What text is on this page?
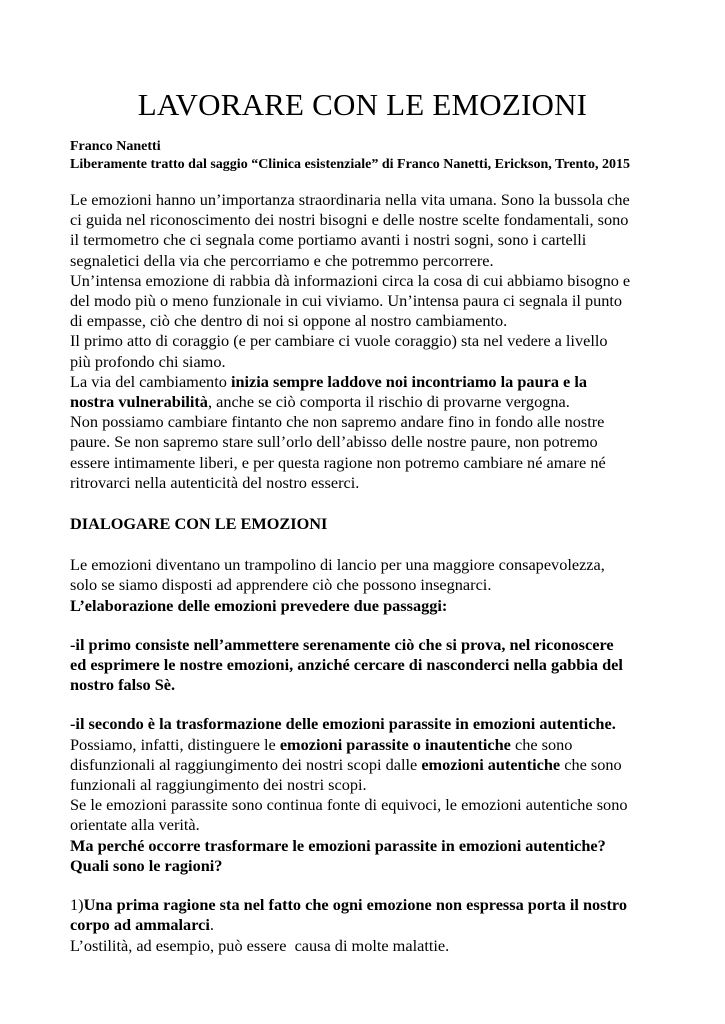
LAVORARE CON LE EMOZIONI
Franco Nanetti
Liberamente tratto dal saggio “Clinica esistenziale” di Franco Nanetti, Erickson, Trento, 2015

Le emozioni hanno un’importanza straordinaria nella vita umana. Sono la bussola che
ci guida nel riconoscimento dei nostri bisogni e delle nostre scelte fondamentali, sono
il termometro che ci segnala come portiamo avanti i nostri sogni, sono i cartelli
segnaletici della via che percorriamo e che potremmo percorrere.

Un’intensa emozione di rabbia dà informazioni circa la cosa di cui abbiamo bisogno e
del modo più o meno funzionale in cui viviamo. Un’intensa paura ci segnala il punto
di empasse, ciò che dentro di noi si oppone al nostro cambiamento.

Il primo atto di coraggio (e per cambiare ci vuole coraggio) sta nel vedere a livello
più profondo chi siamo.

La via del cambiamento inizia sempre laddove noi incontriamo la paura e la
nostra vulnerabilità, anche se ciò comporta il rischio di provarne vergogna.

Non possiamo cambiare fintanto che non sapremo andare fino in fondo alle nostre
paure. Se non sapremo stare sull’orlo dell’abisso delle nostre paure, non potremo
essere intimamente liberi, e per questa ragione non potremo cambiare né amare né
ritrovarci nella autenticità del nostro esserci.

DIALOGARE CON LE EMOZIONI

Le emozioni diventano un trampolino di lancio per una maggiore consapevolezza,
solo se siamo disposti ad apprendere ciò che possono insegnarci.
L’elaborazione delle emozioni prevedere due passaggi:

-il primo consiste nell’ammettere serenamente ciò che si prova, nel riconoscere
ed esprimere le nostre emozioni, anziché cercare di nasconderci nella gabbia del
nostro falso Sè.

-il secondo è la trasformazione delle emozioni parassite in emozioni autentiche.
Possiamo, infatti, distinguere le emozioni parassite o inautentiche che sono
disfunzionali al raggiungimento dei nostri scopi dalle emozioni autentiche che sono
funzionali al raggiungimento dei nostri scopi.
Se le emozioni parassite sono continua fonte di equivoci, le emozioni autentiche sono
orientate alla verità.
Ma perché occorre trasformare le emozioni parassite in emozioni autentiche?
Quali sono le ragioni?

1)Una prima ragione sta nel fatto che ogni emozione non espressa porta il nostro
corpo ad ammalarci.
L’ostilità, ad esempio, può essere  causa di molte malattie.
